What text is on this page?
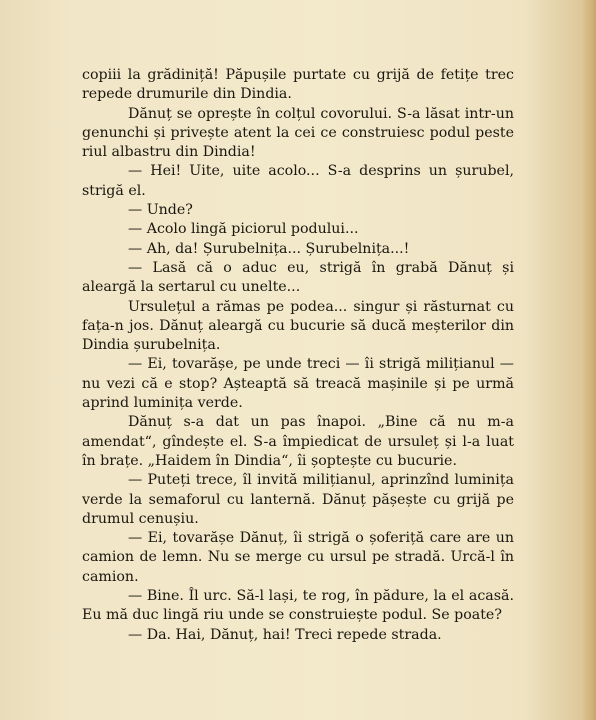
copiii la grădiniță! Păpușile purtate cu grijă de fetițe trec repede drumurile din Dindia.

Dănuț se oprește în colțul covorului. S-a lăsat intr-un genunchi și privește atent la cei ce construiesc podul peste riul albastru din Dindia!

— Hei! Uite, uite acolo... S-a desprins un șurubel, strigă el.

— Unde?

— Acolo lingă piciorul podului...

— Ah, da! Șurubelnița... Șurubelnița...!

— Lasă că o aduc eu, strigă în grabă Dănuț și aleargă la sertarul cu unelte...

Ursulețul a rămas pe podea... singur și răsturnat cu fața-n jos. Dănuț aleargă cu bucurie să ducă meșterilor din Dindia șurubelnița.

— Ei, tovarășe, pe unde treci — îi strigă milițianul — nu vezi că e stop? Așteaptă să treacă mașinile și pe urmă aprind luminița verde.

Dănuț s-a dat un pas înapoi. „Bine că nu m-a amendat“, gîndește el. S-a împiedicat de ursuleț și l-a luat în brațe. „Haidem în Dindia“, îi șoptește cu bucurie.

— Puteți trece, îl invită milițianul, aprinzînd luminița verde la semaforul cu lanternă. Dănuț pășește cu grijă pe drumul cenușiu.

— Ei, tovarășe Dănuț, îi strigă o șoferiță care are un camion de lemn. Nu se merge cu ursul pe stradă. Urcă-l în camion.

— Bine. Îl urc. Să-l lași, te rog, în pădure, la el acasă. Eu mă duc lingă riu unde se construiește podul. Se poate?

— Da. Hai, Dănuț, hai! Treci repede strada.
